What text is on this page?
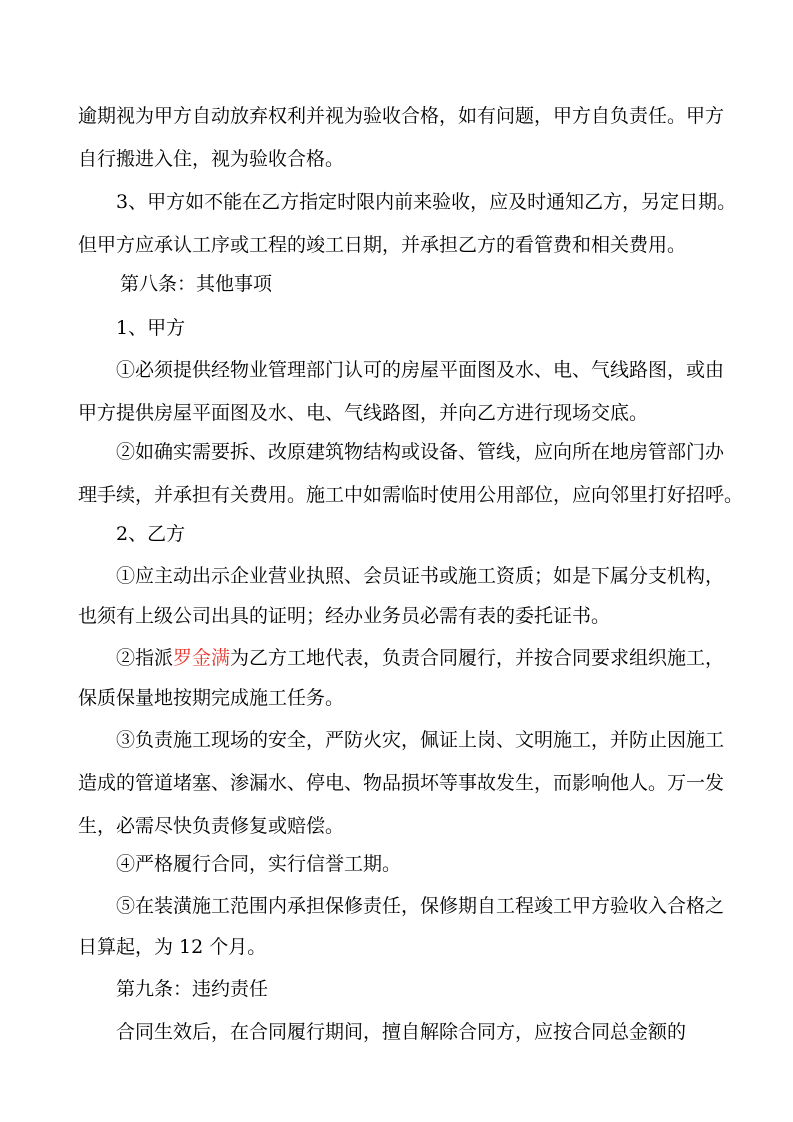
逾期视为甲方自动放弃权利并视为验收合格，如有问题，甲方自负责任。甲方
自行搬进入住，视为验收合格。
3、甲方如不能在乙方指定时限内前来验收，应及时通知乙方，另定日期。
但甲方应承认工序或工程的竣工日期，并承担乙方的看管费和相关费用。
第八条：其他事项
1、甲方
①必须提供经物业管理部门认可的房屋平面图及水、电、气线路图，或由
甲方提供房屋平面图及水、电、气线路图，并向乙方进行现场交底。
②如确实需要拆、改原建筑物结构或设备、管线，应向所在地房管部门办
理手续，并承担有关费用。施工中如需临时使用公用部位，应向邻里打好招呼。
2、乙方
①应主动出示企业营业执照、会员证书或施工资质；如是下属分支机构，
也须有上级公司出具的证明；经办业务员必需有表的委托证书。
②指派罗金满为乙方工地代表，负责合同履行，并按合同要求组织施工，
保质保量地按期完成施工任务。
③负责施工现场的安全，严防火灾，佩证上岗、文明施工，并防止因施工
造成的管道堵塞、渗漏水、停电、物品损坏等事故发生，而影响他人。万一发
生，必需尽快负责修复或赔偿。
④严格履行合同，实行信誉工期。
⑤在装潢施工范围内承担保修责任，保修期自工程竣工甲方验收入合格之
日算起，为 12 个月。
第九条：违约责任
合同生效后，在合同履行期间，擅自解除合同方，应按合同总金额的
